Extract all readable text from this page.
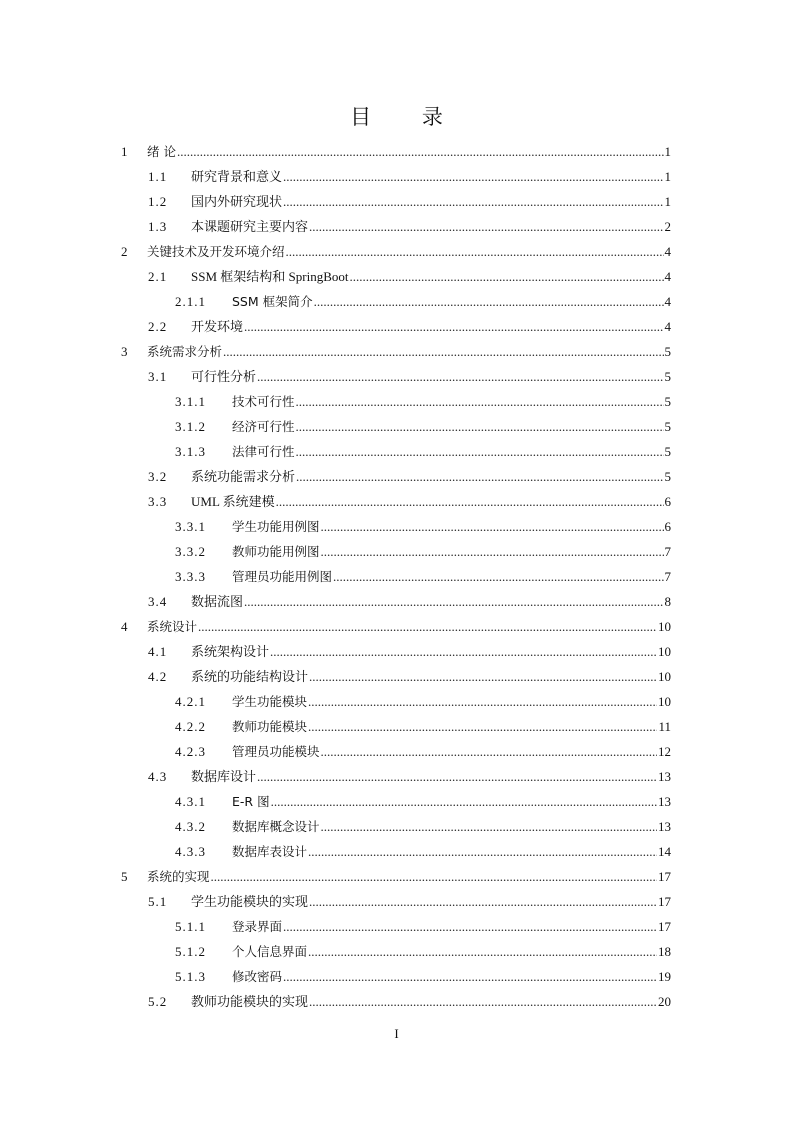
目 录
1	绪 论 .....	1
1.1	研究背景和意义 .....	1
1.2	国内外研究现状 .....	1
1.3	本课题研究主要内容 .....	2
2	关键技术及开发环境介绍 .....	4
2.1	SSM 框架结构和 SpringBoot .....	4
2.1.1	SSM 框架简介 .....	4
2.2	开发环境 .....	4
3	系统需求分析 .....	5
3.1	可行性分析 .....	5
3.1.1	技术可行性 .....	5
3.1.2	经济可行性 .....	5
3.1.3	法律可行性 .....	5
3.2	系统功能需求分析 .....	5
3.3	UML 系统建模 .....	6
3.3.1	学生功能用例图 .....	6
3.3.2	教师功能用例图 .....	7
3.3.3	管理员功能用例图 .....	7
3.4	数据流图 .....	8
4	系统设计 .....	10
4.1	系统架构设计 .....	10
4.2	系统的功能结构设计 .....	10
4.2.1	学生功能模块 .....	10
4.2.2	教师功能模块 .....	11
4.2.3	管理员功能模块 .....	12
4.3	数据库设计 .....	13
4.3.1	E-R 图 .....	13
4.3.2	数据库概念设计 .....	13
4.3.3	数据库表设计 .....	14
5	系统的实现 .....	17
5.1	学生功能模块的实现 .....	17
5.1.1	登录界面 .....	17
5.1.2	个人信息界面 .....	18
5.1.3	修改密码 .....	19
5.2	教师功能模块的实现 .....	20
I
